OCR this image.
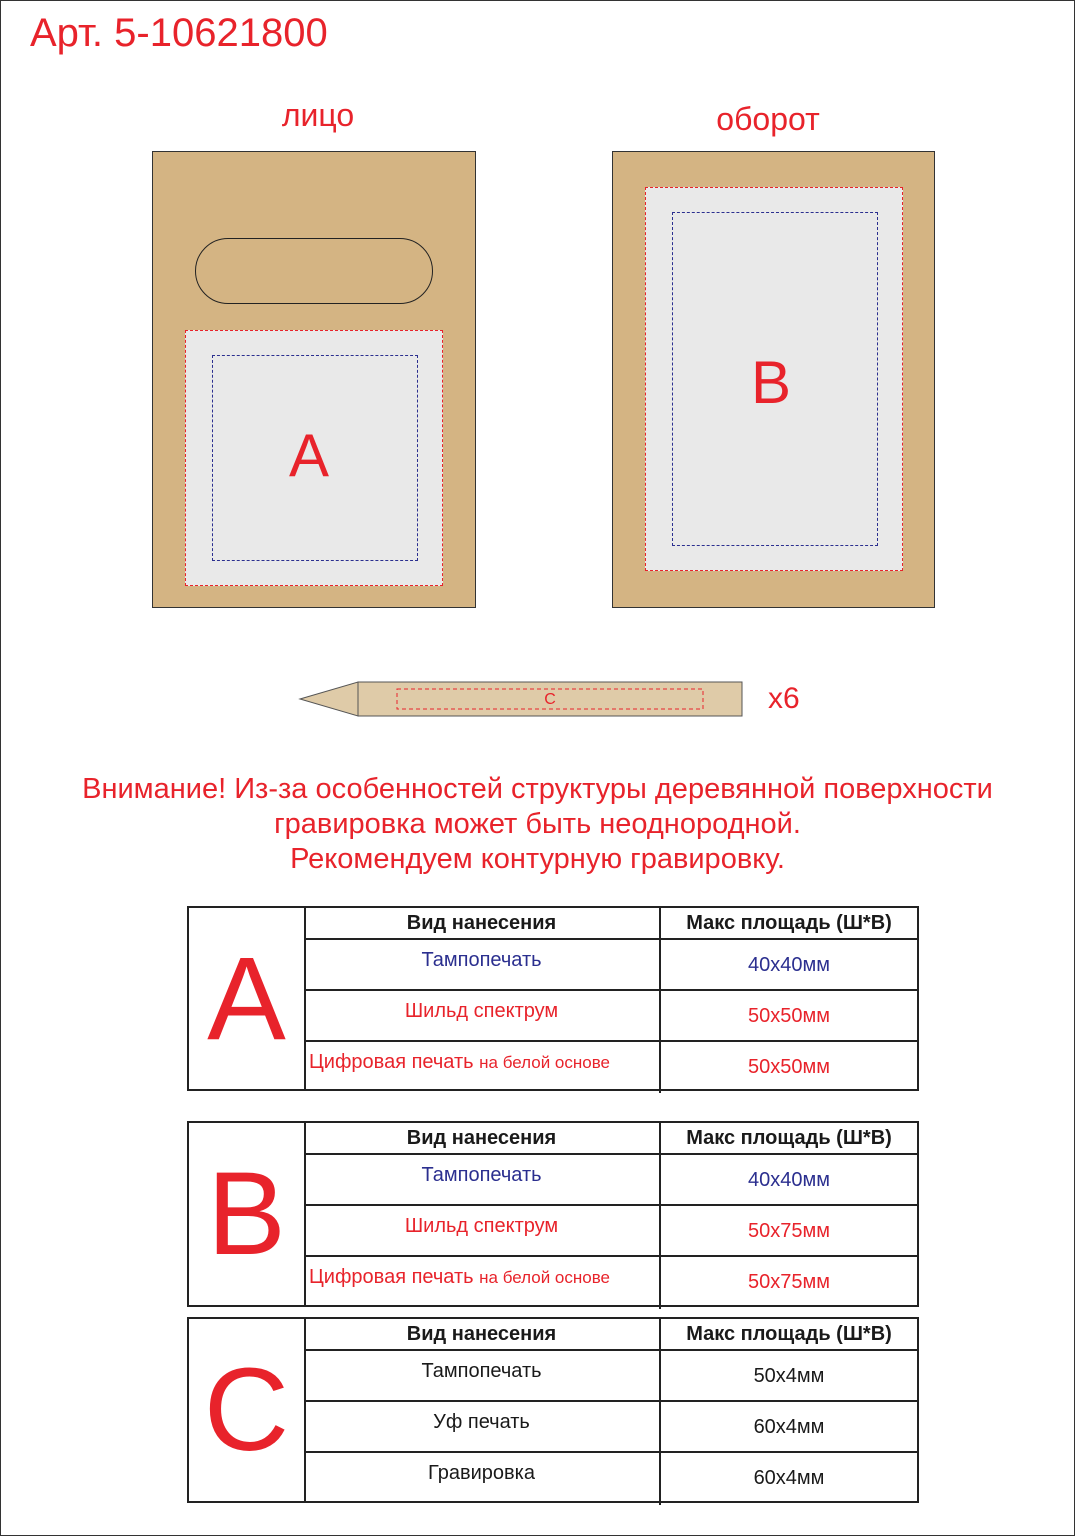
Арт. 5-10621800
лицо
A
оборот
B
C	x6
Внимание! Из-за особенностей структуры деревянной поверхности
гравировка может быть неоднородной.
Рекомендуем контурную гравировку.
A
Вид нанесения	Макс площадь (Ш*В)
Тампопечать	40х40мм
Шильд спектрум	50х50мм
Цифровая печать на белой основе	50х50мм
B
Вид нанесения	Макс площадь (Ш*В)
Тампопечать	40х40мм
Шильд спектрум	50х75мм
Цифровая печать на белой основе	50х75мм
C
Вид нанесения	Макс площадь (Ш*В)
Тампопечать	50х4мм
Уф печать	60х4мм
Гравировка	60х4мм
